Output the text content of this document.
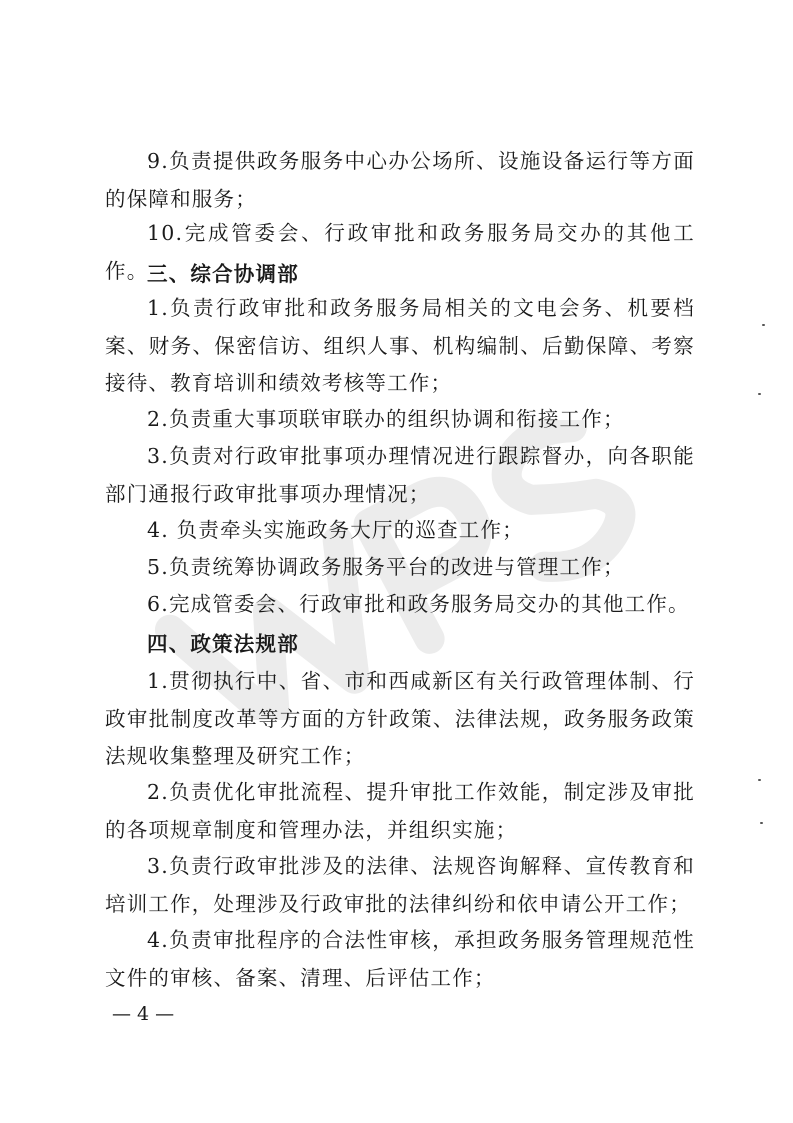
9.负责提供政务服务中心办公场所、设施设备运行等方面的保障和服务；
10.完成管委会、行政审批和政务服务局交办的其他工作。
三、综合协调部
1.负责行政审批和政务服务局相关的文电会务、机要档案、财务、保密信访、组织人事、机构编制、后勤保障、考察接待、教育培训和绩效考核等工作；
2.负责重大事项联审联办的组织协调和衔接工作；
3.负责对行政审批事项办理情况进行跟踪督办，向各职能部门通报行政审批事项办理情况；
4. 负责牵头实施政务大厅的巡查工作；
5.负责统筹协调政务服务平台的改进与管理工作；
6.完成管委会、行政审批和政务服务局交办的其他工作。
四、政策法规部
1.贯彻执行中、省、市和西咸新区有关行政管理体制、行政审批制度改革等方面的方针政策、法律法规，政务服务政策法规收集整理及研究工作；
2.负责优化审批流程、提升审批工作效能，制定涉及审批的各项规章制度和管理办法，并组织实施；
3.负责行政审批涉及的法律、法规咨询解释、宣传教育和培训工作，处理涉及行政审批的法律纠纷和依申请公开工作；
4.负责审批程序的合法性审核，承担政务服务管理规范性文件的审核、备案、清理、后评估工作；
— 4 —
